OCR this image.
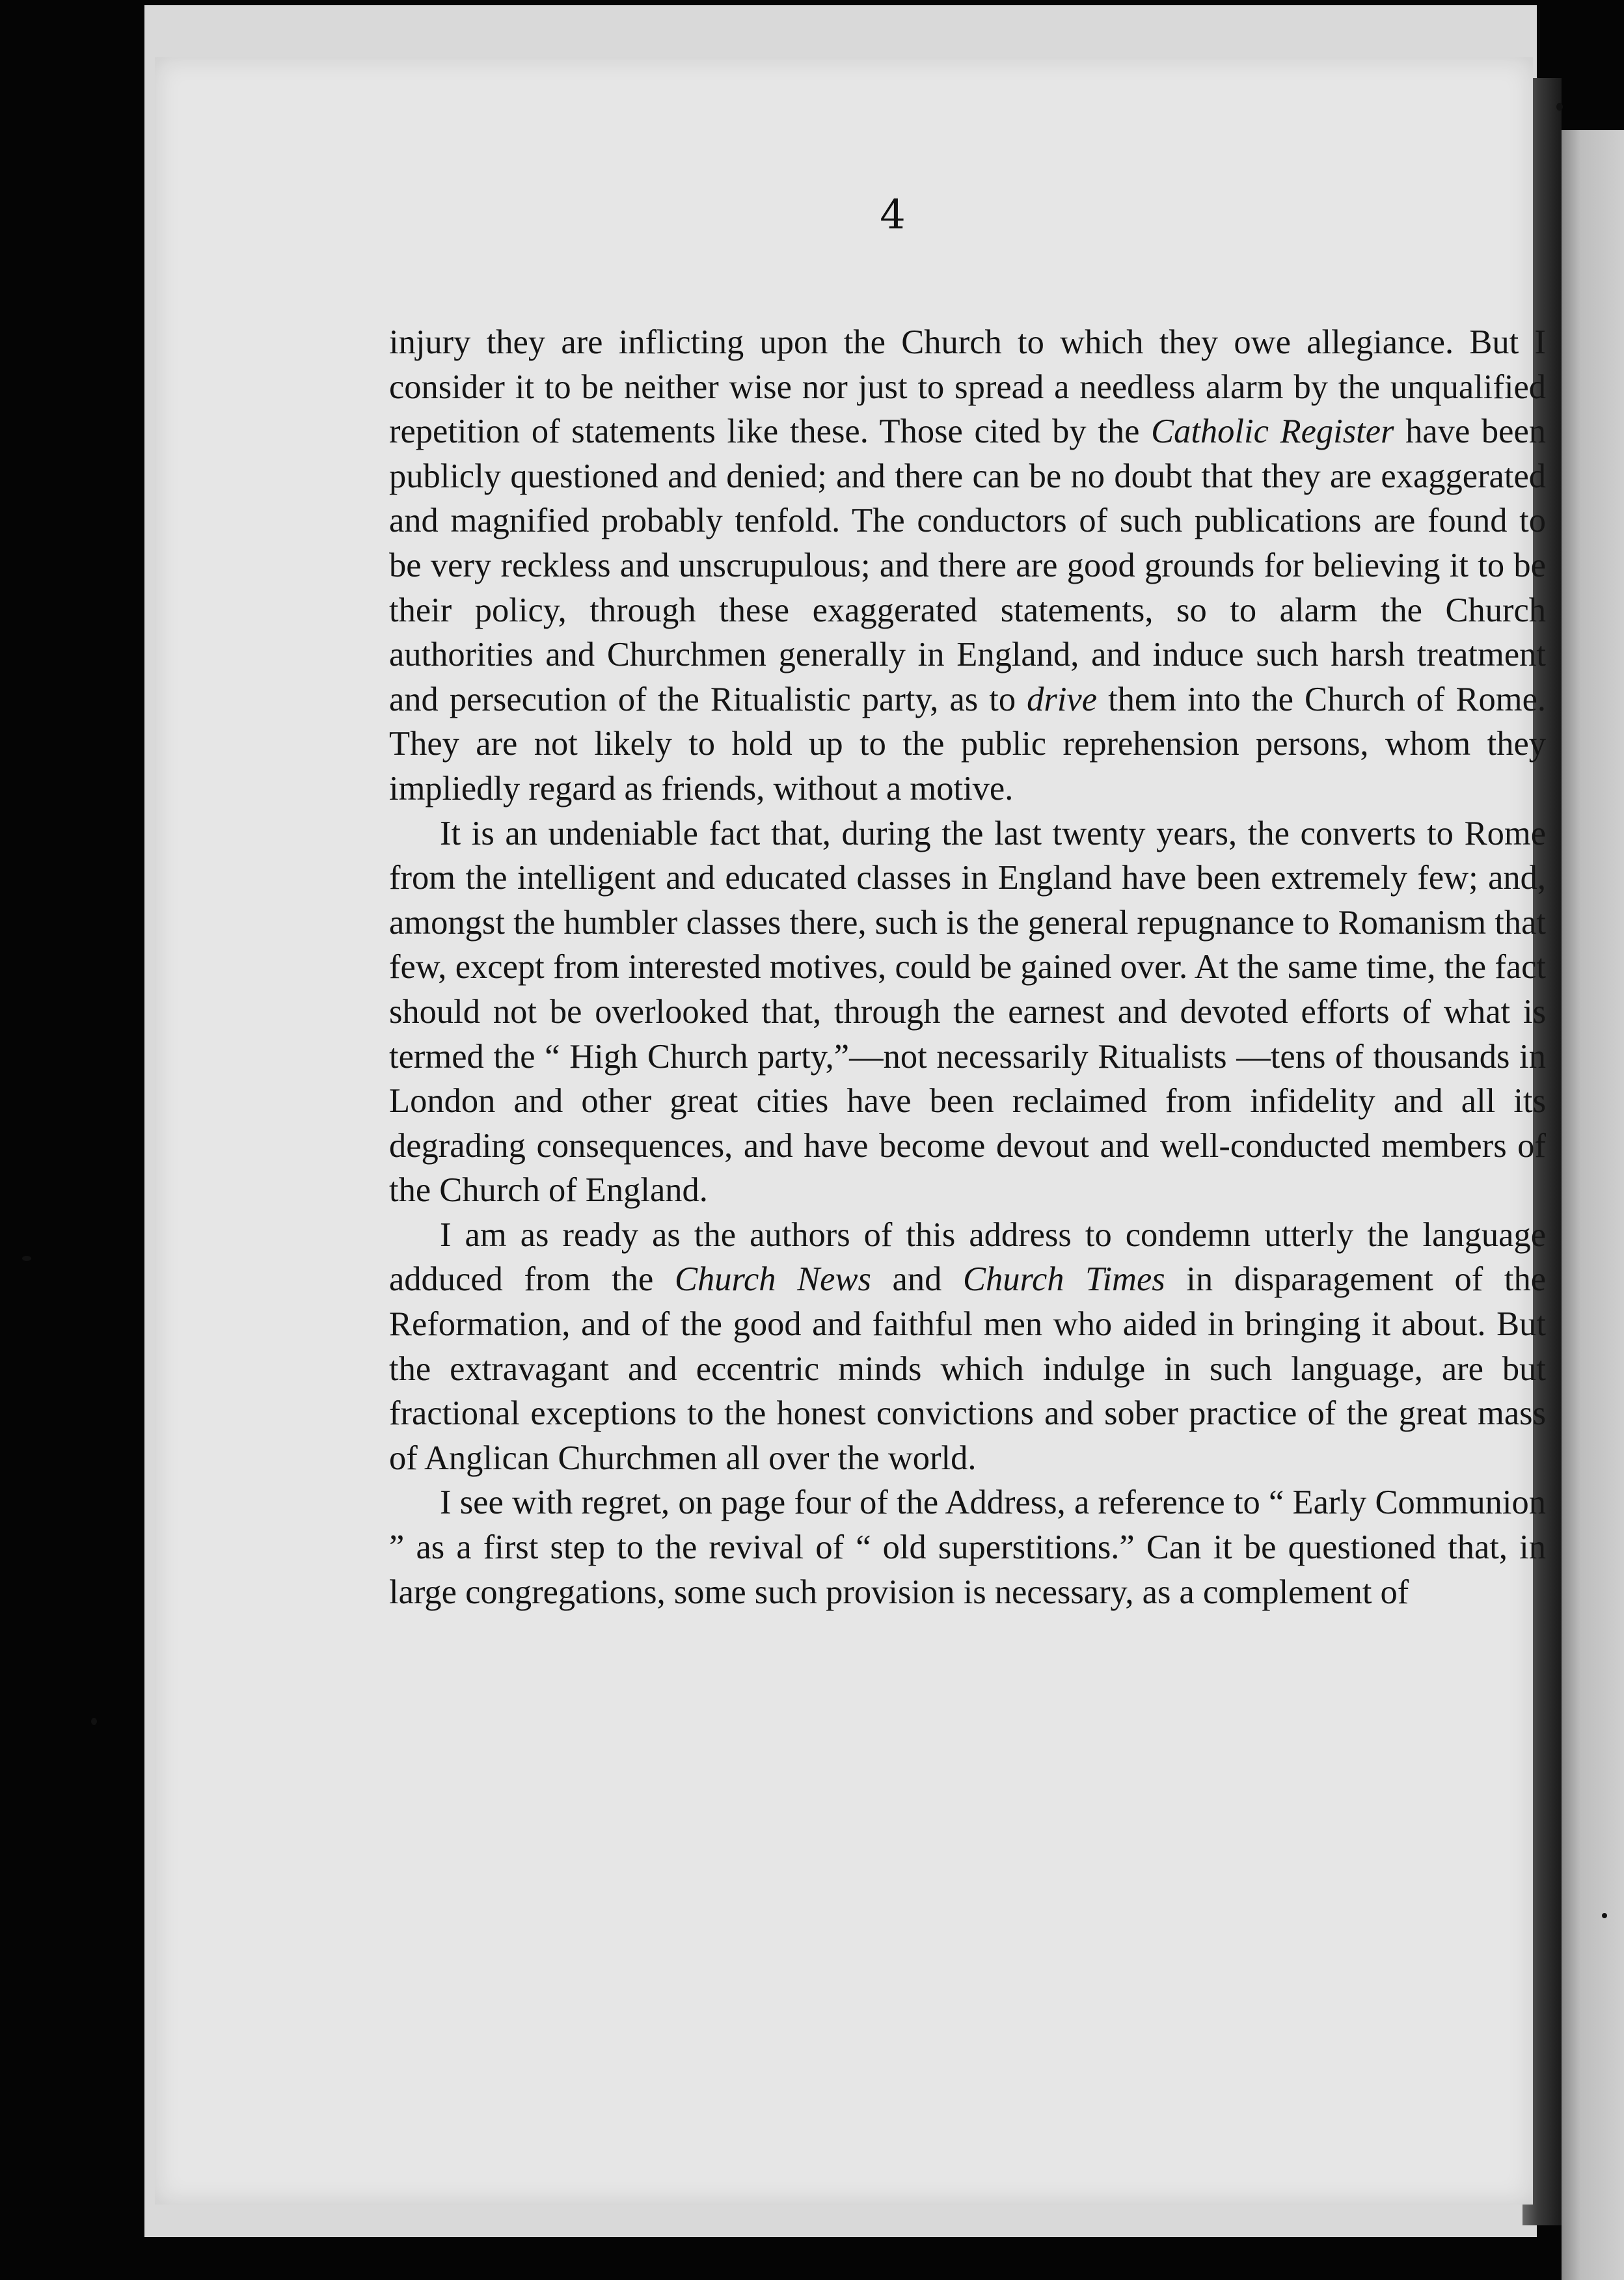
4

injury they are inflicting upon the Church to which they owe allegiance. But I consider it to be neither wise nor just to spread a needless alarm by the unqualified repetition of statements like these. Those cited by the Catholic Register have been publicly questioned and denied; and there can be no doubt that they are exaggerated and magnified probably tenfold. The conductors of such publications are found to be very reckless and unscrupulous; and there are good grounds for believing it to be their policy, through these exaggerated statements, so to alarm the Church authorities and Churchmen generally in England, and induce such harsh treatment and persecution of the Ritualistic party, as to drive them into the Church of Rome. They are not likely to hold up to the public reprehension persons, whom they impliedly regard as friends, without a motive.

It is an undeniable fact that, during the last twenty years, the converts to Rome from the intelligent and educated classes in England have been extremely few; and, amongst the humbler classes there, such is the general repugnance to Romanism that few, except from interested motives, could be gained over. At the same time, the fact should not be overlooked that, through the earnest and devoted efforts of what is termed the “ High Church party,”—not necessarily Ritualists —tens of thousands in London and other great cities have been reclaimed from infidelity and all its degrading consequences, and have become devout and well-conducted members of the Church of England.

I am as ready as the authors of this address to condemn utterly the language adduced from the Church News and Church Times in disparagement of the Reformation, and of the good and faithful men who aided in bringing it about. But the extravagant and eccentric minds which indulge in such language, are but fractional exceptions to the honest convictions and sober practice of the great mass of Anglican Churchmen all over the world.

I see with regret, on page four of the Address, a reference to “ Early Communion ” as a first step to the revival of “ old superstitions.” Can it be questioned that, in large congregations, some such provision is necessary, as a complement of
